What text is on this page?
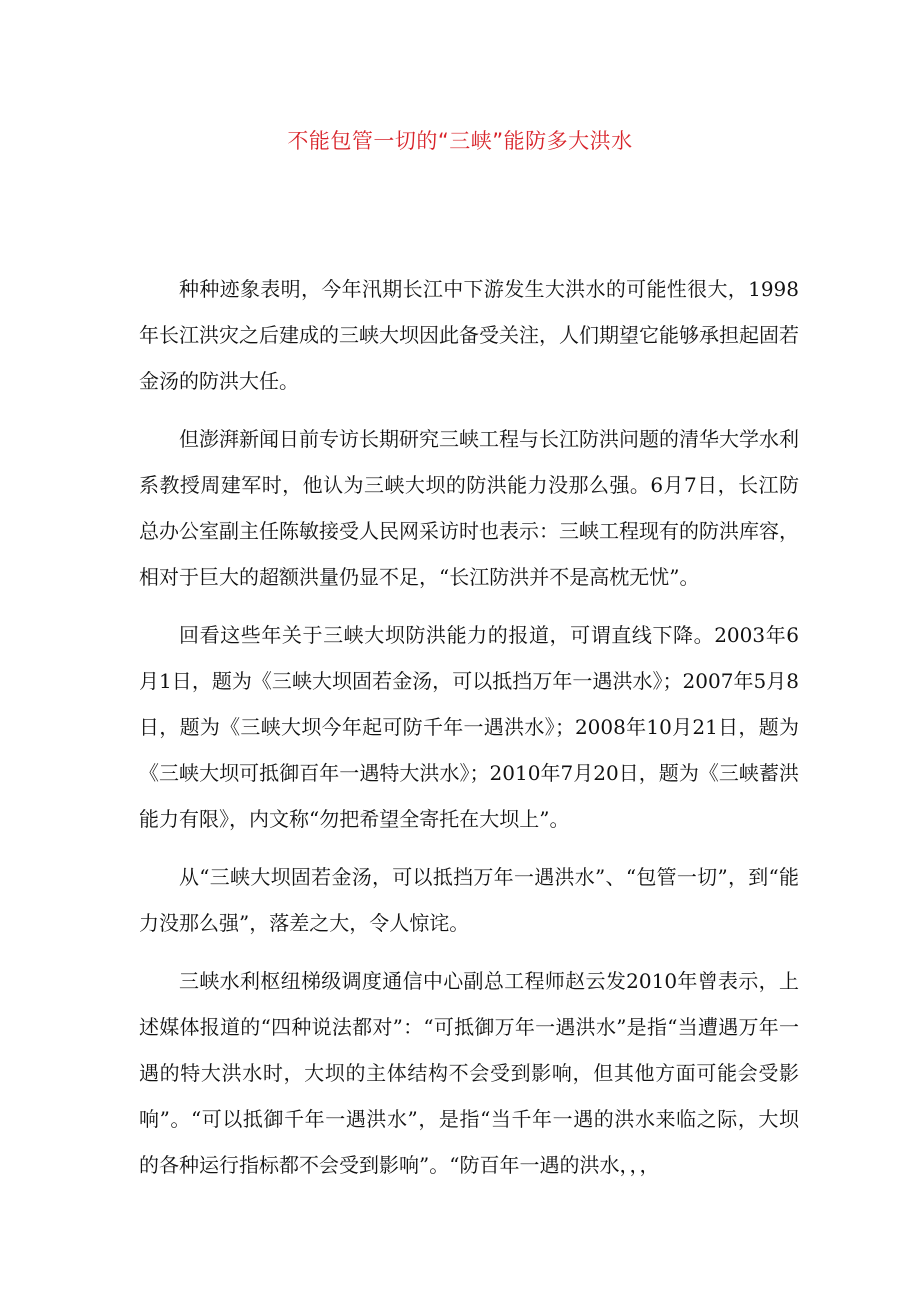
不能包管一切的“三峡”能防多大洪水

种种迹象表明，今年汛期长江中下游发生大洪水的可能性很大，1998年长江洪灾之后建成的三峡大坝因此备受关注，人们期望它能够承担起固若金汤的防洪大任。

但澎湃新闻日前专访长期研究三峡工程与长江防洪问题的清华大学水利系教授周建军时，他认为三峡大坝的防洪能力没那么强。6月7日，长江防总办公室副主任陈敏接受人民网采访时也表示：三峡工程现有的防洪库容，相对于巨大的超额洪量仍显不足，“长江防洪并不是高枕无忧”。

回看这些年关于三峡大坝防洪能力的报道，可谓直线下降。2003年6月1日，题为《三峡大坝固若金汤，可以抵挡万年一遇洪水》；2007年5月8日，题为《三峡大坝今年起可防千年一遇洪水》；2008年10月21日，题为《三峡大坝可抵御百年一遇特大洪水》；2010年7月20日，题为《三峡蓄洪能力有限》，内文称“勿把希望全寄托在大坝上”。

从“三峡大坝固若金汤，可以抵挡万年一遇洪水”、“包管一切”，到“能力没那么强”，落差之大，令人惊诧。

三峡水利枢纽梯级调度通信中心副总工程师赵云发2010年曾表示，上述媒体报道的“四种说法都对”：“可抵御万年一遇洪水”是指“当遭遇万年一遇的特大洪水时，大坝的主体结构不会受到影响，但其他方面可能会受影响”。“可以抵御千年一遇洪水”，是指“当千年一遇的洪水来临之际，大坝的各种运行指标都不会受到影响”。“防百年一遇的洪水，，，
